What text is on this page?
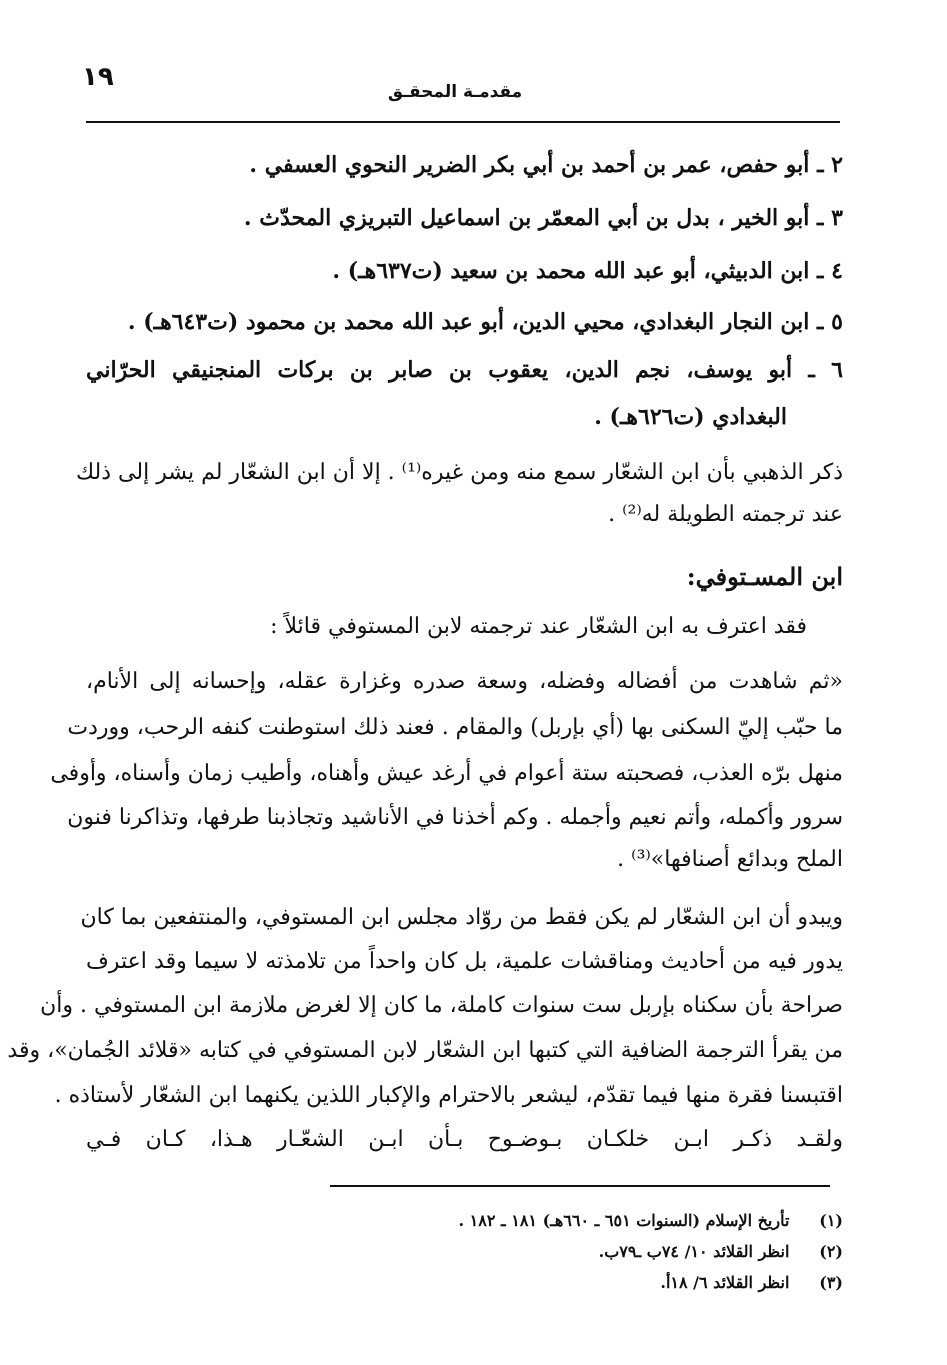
١٩	مقدمـة المحقـق
٢ ـ أبو حفص، عمر بن أحمد بن أبي بكر الضرير النحوي العسفي .
٣ ـ أبو الخير ، بدل بن أبي المعمّر بن اسماعيل التبريزي المحدّث .
٤ ـ ابن الدبيثي، أبو عبد الله محمد بن سعيد (ت٦٣٧هـ) .
٥ ـ ابن النجار البغدادي، محيي الدين، أبو عبد الله محمد بن محمود (ت٦٤٣هـ) .
٦ ـ أبو يوسف، نجم الدين، يعقوب بن صابر بن بركات المنجنيقي الحرّاني
البغدادي (ت٦٢٦هـ) .
ذكر الذهبي بأن ابن الشعّار سمع منه ومن غيره⁽¹⁾ . إلا أن ابن الشعّار لم يشر إلى ذلك
عند ترجمته الطويلة له⁽²⁾ .
ابن المسـتوفي:
فقد اعترف به ابن الشعّار عند ترجمته لابن المستوفي قائلاً :
«ثم شاهدت من أفضاله وفضله، وسعة صدره وغزارة عقله، وإحسانه إلى الأنام،
ما حبّب إليّ السكنى بها (أي بإربل) والمقام . فعند ذلك استوطنت كنفه الرحب، ووردت
منهل برّه العذب، فصحبته ستة أعوام في أرغد عيش وأهناه، وأطيب زمان وأسناه، وأوفى
سرور وأكمله، وأتم نعيم وأجمله . وكم أخذنا في الأناشيد وتجاذبنا طرفها، وتذاكرنا فنون
الملح وبدائع أصنافها»⁽³⁾ .
ويبدو أن ابن الشعّار لم يكن فقط من روّاد مجلس ابن المستوفي، والمنتفعين بما كان
يدور فيه من أحاديث ومناقشات علمية، بل كان واحداً من تلامذته لا سيما وقد اعترف
صراحة بأن سكناه بإربل ست سنوات كاملة، ما كان إلا لغرض ملازمة ابن المستوفي . وأن
من يقرأ الترجمة الضافية التي كتبها ابن الشعّار لابن المستوفي في كتابه «قلائد الجُمان»، وقد
اقتبسنا فقرة منها فيما تقدّم، ليشعر بالاحترام والإكبار اللذين يكنهما ابن الشعّار لأستاذه .
ولقـد ذكـر ابـن خلكـان بـوضـوح بـأن ابـن الشعّـار هـذا، كـان فـي
(١) تأريخ الإسلام (السنوات ٦٥١ ـ ٦٦٠هـ) ١٨١ ـ ١٨٢ .
(٢) انظر القلائد ١٠/ ٧٤ب ـ٧٩ب.
(٣) انظر القلائد ٦/ ١٨أ.
